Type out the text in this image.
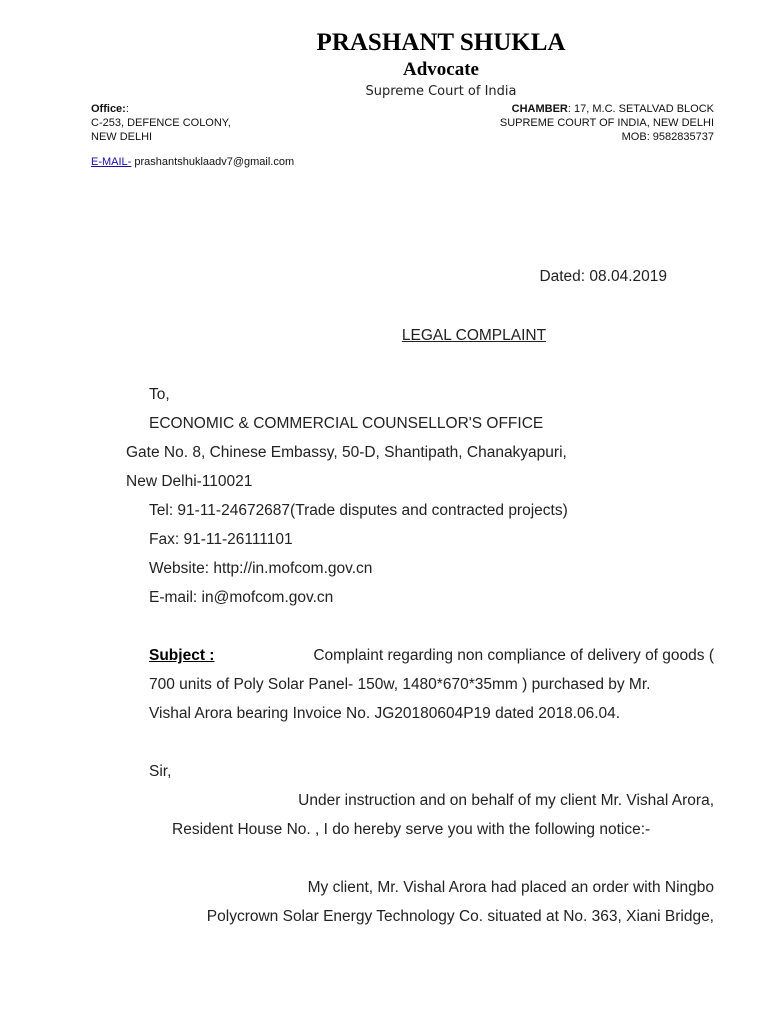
PRASHANT SHUKLA
Advocate
Supreme Court of India
Office::
C-253, DEFENCE COLONY,
NEW DELHI
CHAMBER: 17, M.C. SETALVAD BLOCK
SUPREME COURT OF INDIA, NEW DELHI
MOB: 9582835737
E-MAIL- prashantshuklaadv7@gmail.com
Dated: 08.04.2019
LEGAL COMPLAINT
To,
ECONOMIC & COMMERCIAL COUNSELLOR'S OFFICE
Gate No. 8, Chinese Embassy, 50-D, Shantipath, Chanakyapuri,
New Delhi-110021
Tel: 91-11-24672687(Trade disputes and contracted projects)
Fax: 91-11-26111101
Website: http://in.mofcom.gov.cn
E-mail: in@mofcom.gov.cn
Subject :	Complaint regarding non compliance of delivery of goods (
700 units of Poly Solar Panel- 150w, 1480*670*35mm ) purchased by Mr.
Vishal Arora bearing Invoice No. JG20180604P19 dated 2018.06.04.
Sir,
Under instruction and on behalf of my client Mr. Vishal Arora,
Resident House No. , I do hereby serve you with the following notice:-
My client, Mr. Vishal Arora had placed an order with Ningbo
Polycrown Solar Energy Technology Co. situated at No. 363, Xiani Bridge,
